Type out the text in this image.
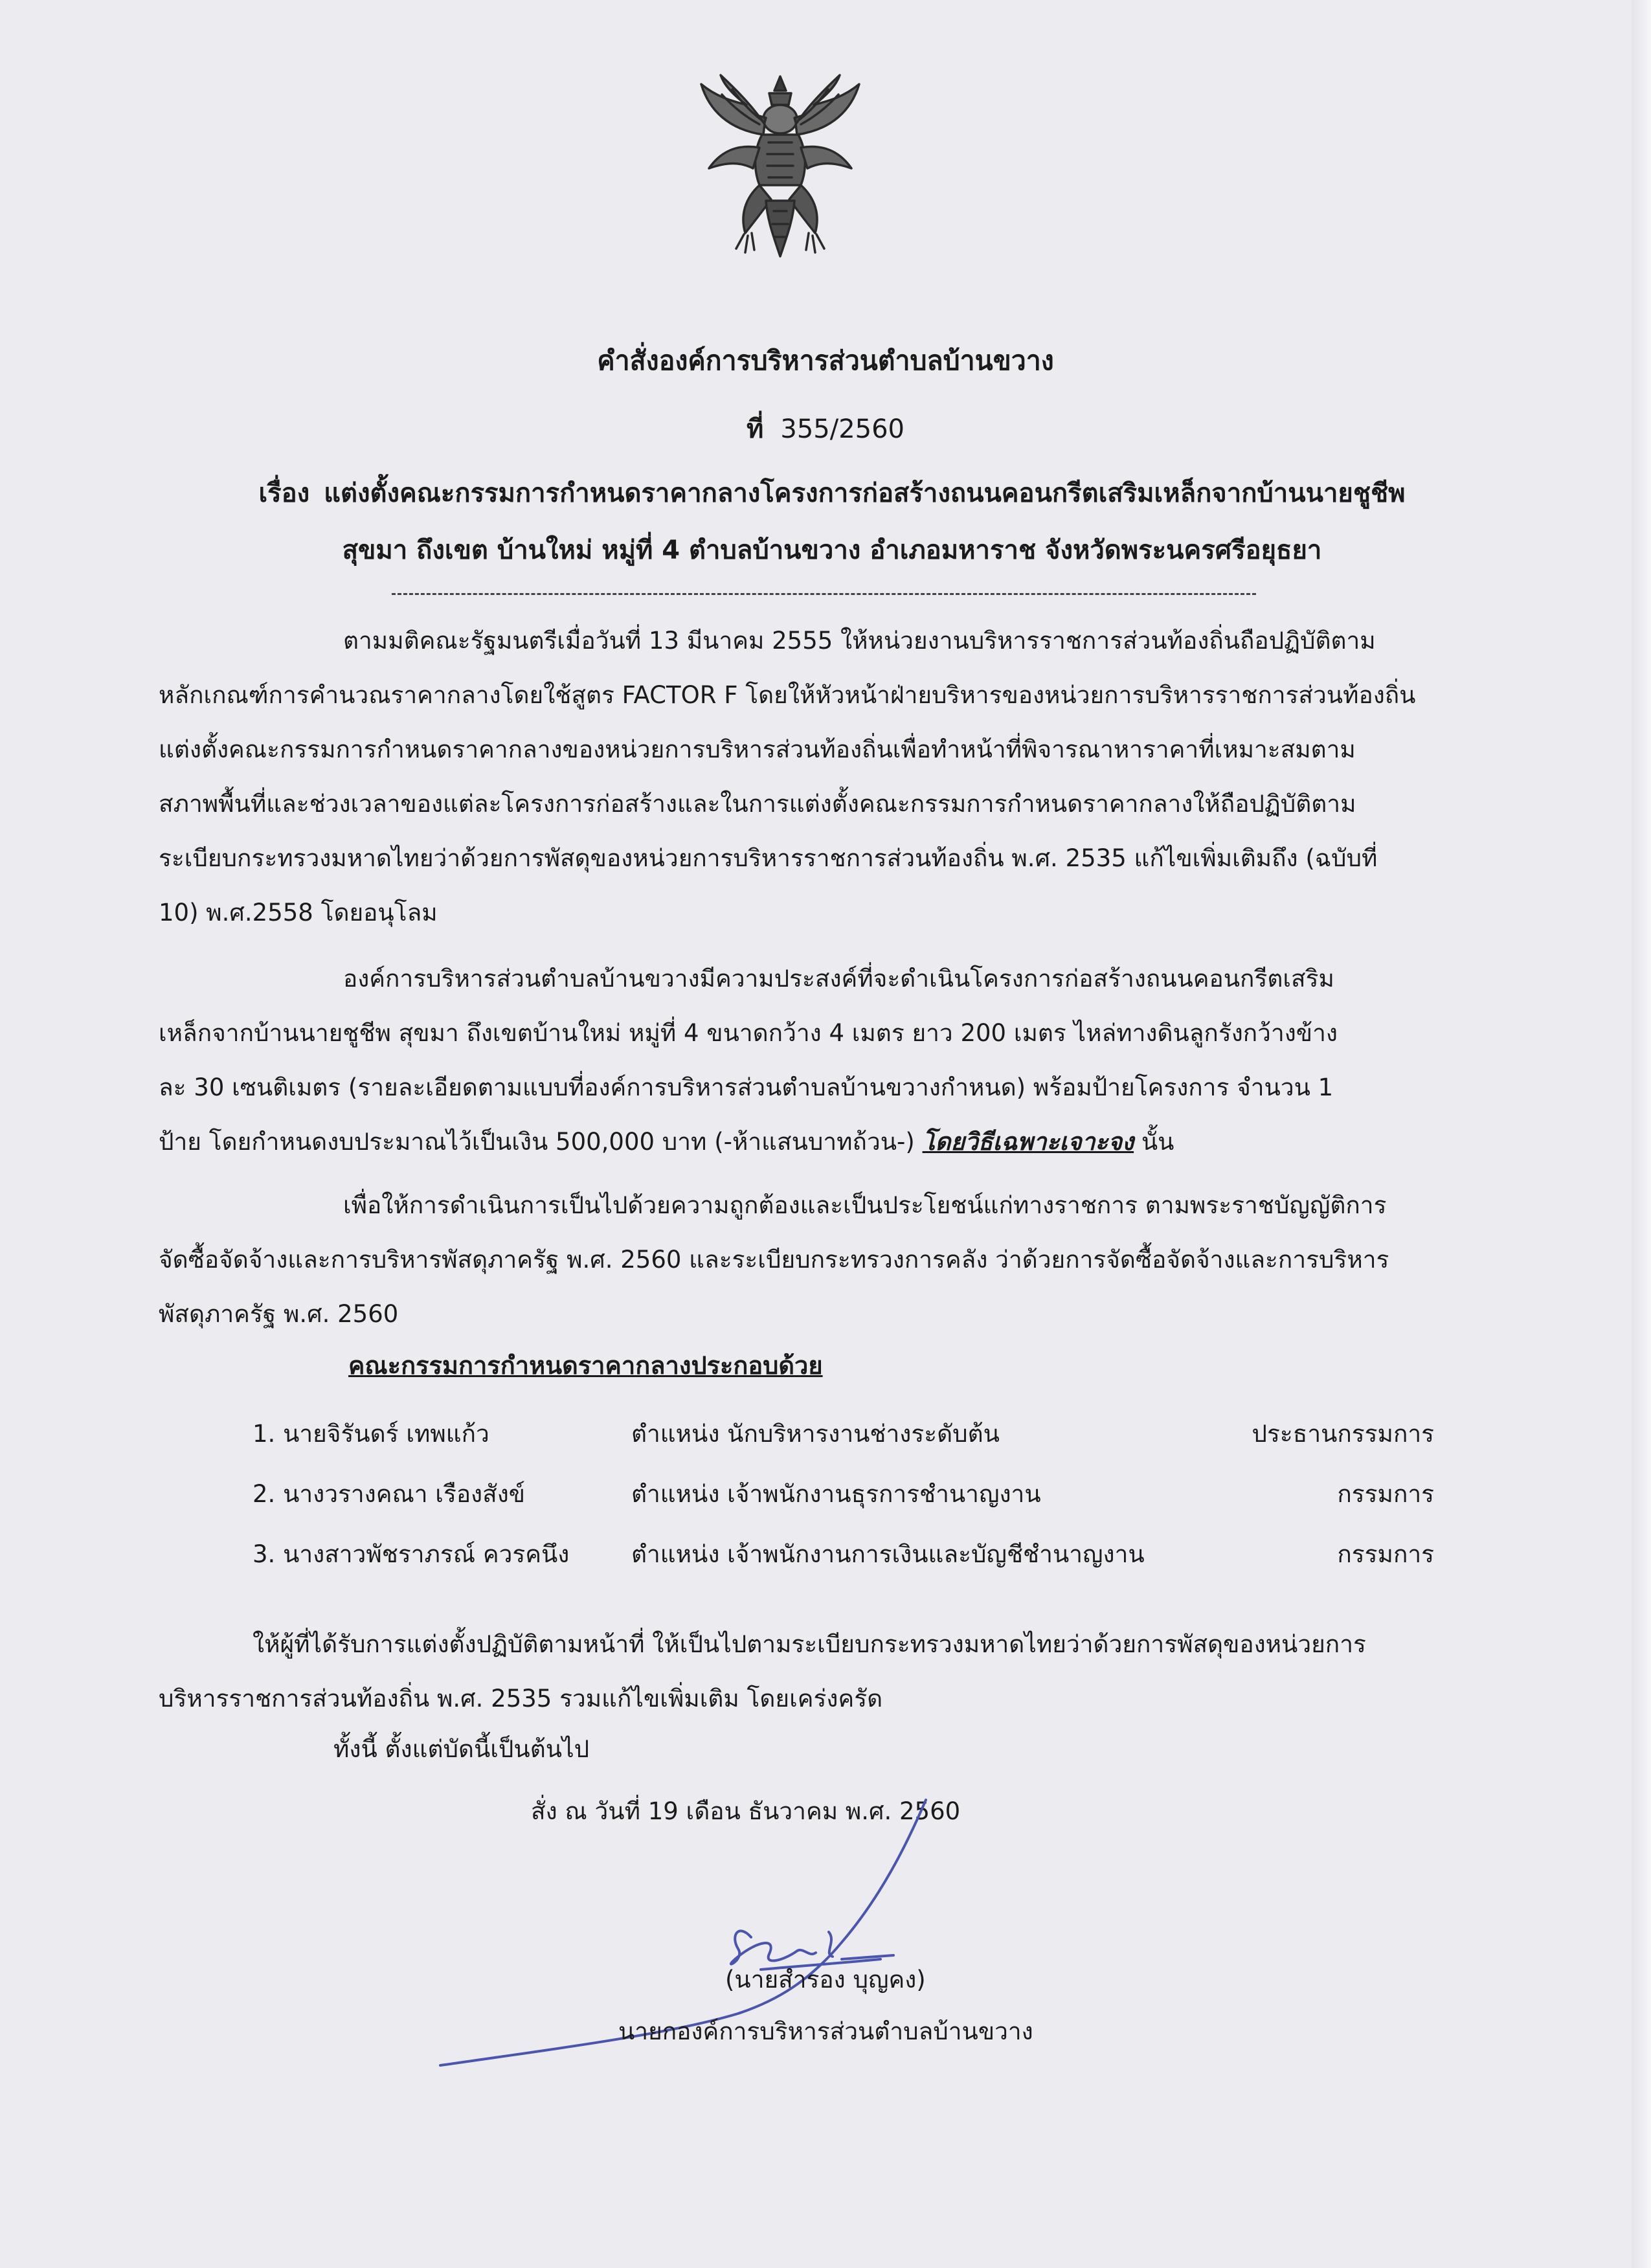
คำสั่งองค์การบริหารส่วนตำบลบ้านขวาง
ที่ 355/2560
เรื่อง แต่งตั้งคณะกรรมการกำหนดราคากลางโครงการก่อสร้างถนนคอนกรีตเสริมเหล็กจากบ้านนายชูชีพ
สุขมา ถึงเขต บ้านใหม่ หมู่ที่ 4 ตำบลบ้านขวาง อำเภอมหาราช จังหวัดพระนครศรีอยุธยา

ตามมติคณะรัฐมนตรีเมื่อวันที่ 13 มีนาคม 2555 ให้หน่วยงานบริหารราชการส่วนท้องถิ่นถือปฏิบัติตาม
หลักเกณฑ์การคำนวณราคากลางโดยใช้สูตร FACTOR F โดยให้หัวหน้าฝ่ายบริหารของหน่วยการบริหารราชการส่วนท้องถิ่น
แต่งตั้งคณะกรรมการกำหนดราคากลางของหน่วยการบริหารส่วนท้องถิ่นเพื่อทำหน้าที่พิจารณาหาราคาที่เหมาะสมตาม
สภาพพื้นที่และช่วงเวลาของแต่ละโครงการก่อสร้างและในการแต่งตั้งคณะกรรมการกำหนดราคากลางให้ถือปฏิบัติตาม
ระเบียบกระทรวงมหาดไทยว่าด้วยการพัสดุของหน่วยการบริหารราชการส่วนท้องถิ่น พ.ศ. 2535 แก้ไขเพิ่มเติมถึง (ฉบับที่
10) พ.ศ.2558 โดยอนุโลม

องค์การบริหารส่วนตำบลบ้านขวางมีความประสงค์ที่จะดำเนินโครงการก่อสร้างถนนคอนกรีตเสริม
เหล็กจากบ้านนายชูชีพ สุขมา ถึงเขตบ้านใหม่ หมู่ที่ 4 ขนาดกว้าง 4 เมตร ยาว 200 เมตร ไหล่ทางดินลูกรังกว้างข้าง
ละ 30 เซนติเมตร (รายละเอียดตามแบบที่องค์การบริหารส่วนตำบลบ้านขวางกำหนด) พร้อมป้ายโครงการ จำนวน 1
ป้าย โดยกำหนดงบประมาณไว้เป็นเงิน 500,000 บาท (-ห้าแสนบาทถ้วน-) โดยวิธีเฉพาะเจาะจง นั้น

เพื่อให้การดำเนินการเป็นไปด้วยความถูกต้องและเป็นประโยชน์แก่ทางราชการ ตามพระราชบัญญัติการ
จัดซื้อจัดจ้างและการบริหารพัสดุภาครัฐ พ.ศ. 2560 และระเบียบกระทรวงการคลัง ว่าด้วยการจัดซื้อจัดจ้างและการบริหาร
พัสดุภาครัฐ พ.ศ. 2560

คณะกรรมการกำหนดราคากลางประกอบด้วย
1. นายจิรันดร์ เทพแก้ว	ตำแหน่ง นักบริหารงานช่างระดับต้น	ประธานกรรมการ
2. นางวรางคณา เรืองสังข์	ตำแหน่ง เจ้าพนักงานธุรการชำนาญงาน	กรรมการ
3. นางสาวพัชราภรณ์ ควรคนึง	ตำแหน่ง เจ้าพนักงานการเงินและบัญชีชำนาญงาน	กรรมการ

ให้ผู้ที่ได้รับการแต่งตั้งปฏิบัติตามหน้าที่ ให้เป็นไปตามระเบียบกระทรวงมหาดไทยว่าด้วยการพัสดุของหน่วยการ
บริหารราชการส่วนท้องถิ่น พ.ศ. 2535 รวมแก้ไขเพิ่มเติม โดยเคร่งครัด

ทั้งนี้ ตั้งแต่บัดนี้เป็นต้นไป
สั่ง ณ วันที่ 19 เดือน ธันวาคม พ.ศ. 2560
(นายสำรอง บุญคง)
นายกองค์การบริหารส่วนตำบลบ้านขวาง
